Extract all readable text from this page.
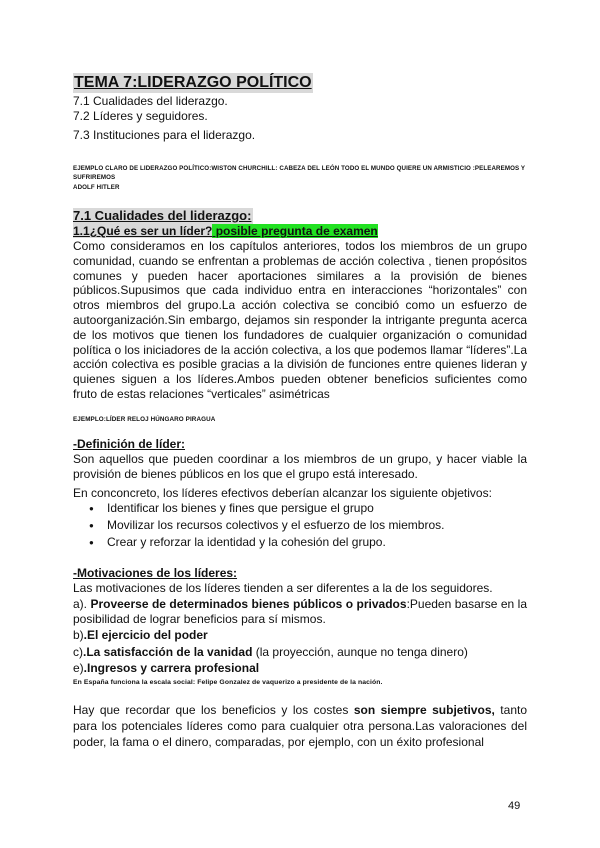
TEMA 7:LIDERAZGO POLÍTICO
7.1 Cualidades del liderazgo.
7.2 Líderes y seguidores.
7.3 Instituciones para el liderazgo.
EJEMPLO CLARO DE LIDERAZGO POLÍTICO:WISTON CHURCHILL: CABEZA DEL LEÓN TODO EL MUNDO QUIERE UN ARMISTICIO :PELEAREMOS Y SUFRIREMOS
ADOLF HITLER
7.1 Cualidades del liderazgo:
1.1¿Qué es ser un líder? posible pregunta de examen
Como consideramos en los capítulos anteriores, todos los miembros de un grupo comunidad, cuando se enfrentan a problemas de acción colectiva , tienen propósitos comunes y pueden hacer aportaciones similares a la provisión de bienes públicos.Supusimos que cada individuo entra en interacciones “horizontales” con otros miembros del grupo.La acción colectiva se concibió como un esfuerzo de autoorganización.Sin embargo, dejamos sin responder la intrigante pregunta acerca de los motivos que tienen los fundadores de cualquier organización o comunidad política o los iniciadores de la acción colectiva, a los que podemos llamar “líderes”.La acción colectiva es posible gracias a la división de funciones entre quienes lideran y quienes siguen a los líderes.Ambos pueden obtener beneficios suficientes como fruto de estas relaciones “verticales” asimétricas
EJEMPLO:LÍDER RELOJ HÚNGARO PIRAGUA
-Definición de líder:
Son aquellos que pueden coordinar a los miembros de un grupo, y hacer viable la provisión de bienes públicos en los que el grupo está interesado.
En conconcreto, los líderes efectivos deberían alcanzar los siguiente objetivos:
● Identificar los bienes y fines que persigue el grupo
● Movilizar los recursos colectivos y el esfuerzo de los miembros.
● Crear y reforzar la identidad y la cohesión del grupo.
-Motivaciones de los líderes:
Las motivaciones de los líderes tienden a ser diferentes a la de los seguidores.
a). Proveerse de determinados bienes públicos o privados:Pueden basarse en la posibilidad de lograr beneficios para sí mismos.
b).El ejercicio del poder
c).La satisfacción de la vanidad (la proyección, aunque no tenga dinero)
e).Ingresos y carrera profesional
En España funciona la escala social: Felipe Gonzalez de vaquerizo a presidente de la nación.
Hay que recordar que los beneficios y los costes son siempre subjetivos, tanto para los potenciales líderes como para cualquier otra persona.Las valoraciones del poder, la fama o el dinero, comparadas, por ejemplo, con un éxito profesional
49
